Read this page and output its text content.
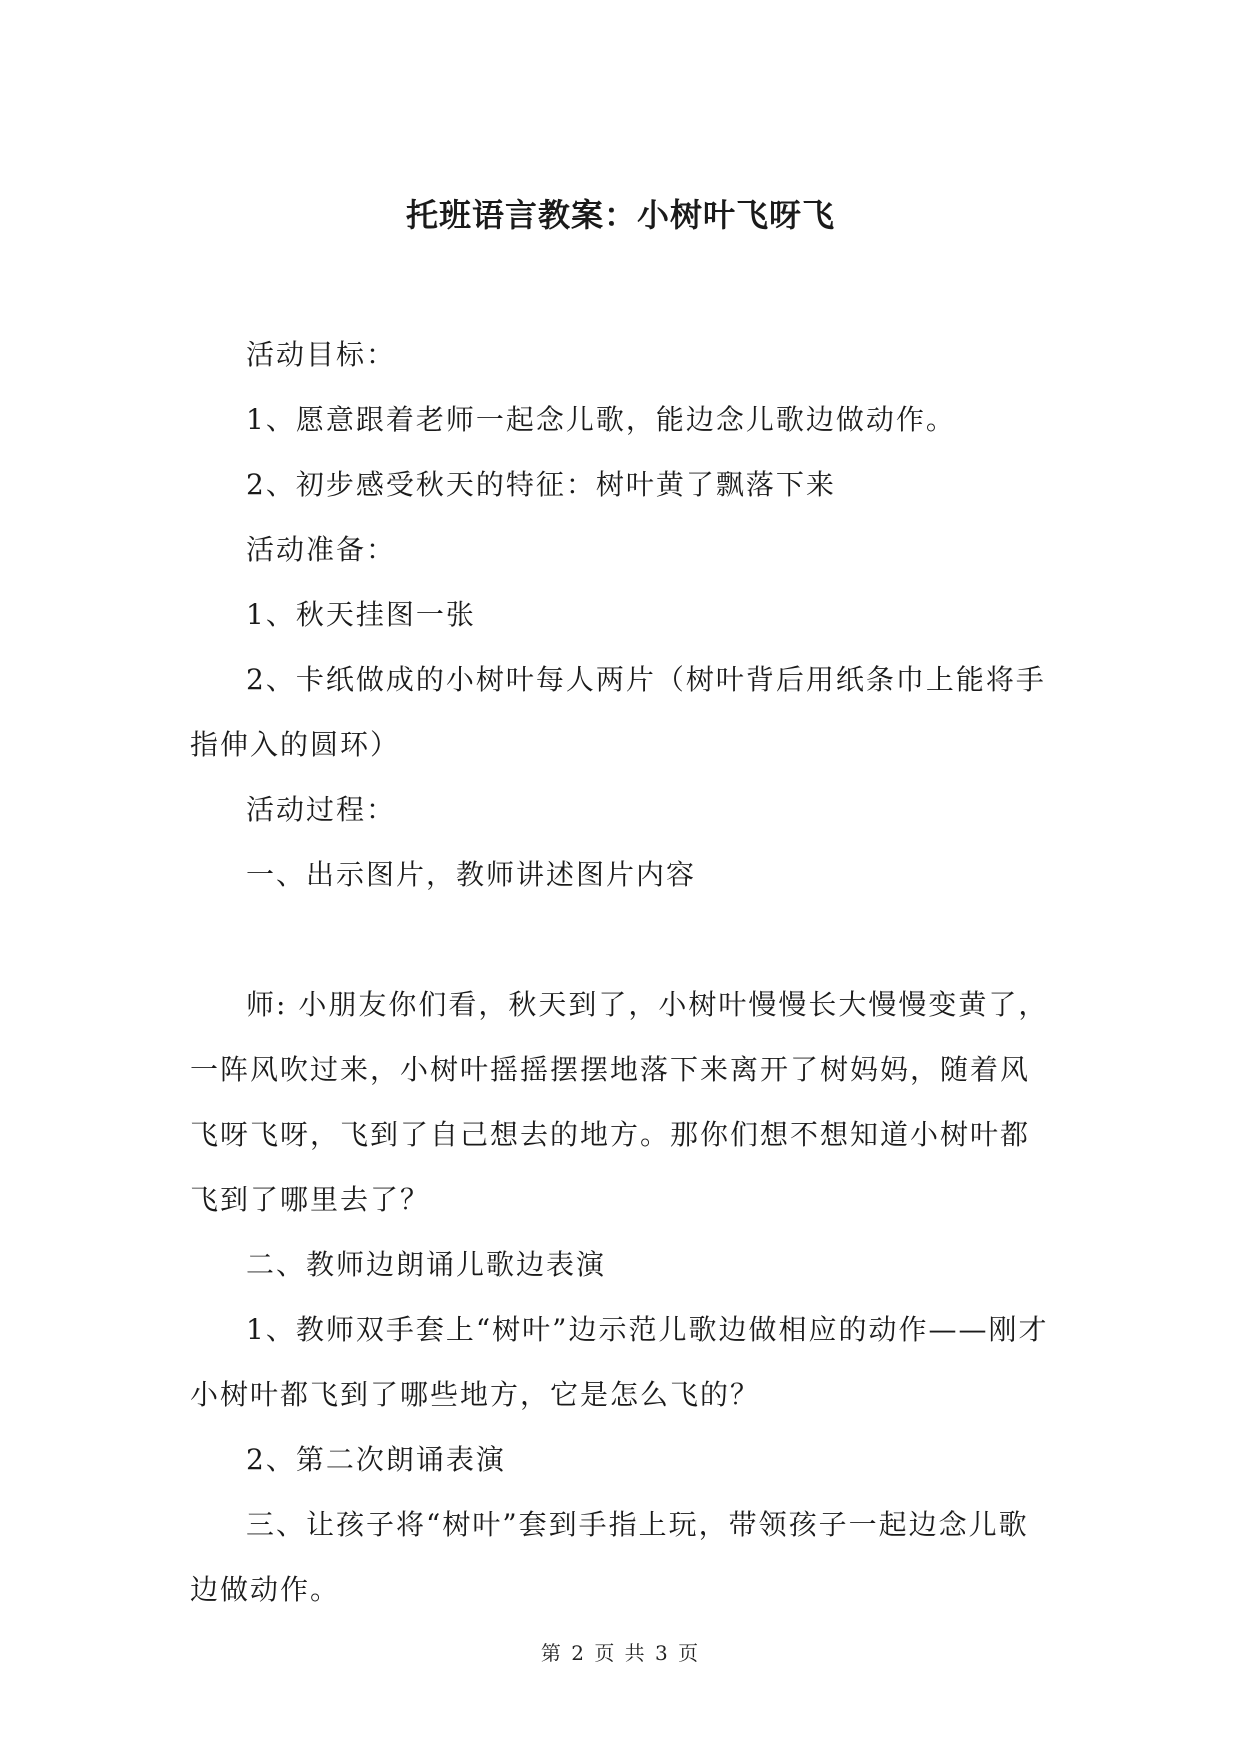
托班语言教案：小树叶飞呀飞

活动目标：

1、愿意跟着老师一起念儿歌，能边念儿歌边做动作。

2、初步感受秋天的特征：树叶黄了飘落下来

活动准备：

1、秋天挂图一张

2、卡纸做成的小树叶每人两片（树叶背后用纸条巾上能将手指伸入的圆环）

活动过程：

一、出示图片，教师讲述图片内容

师: 小朋友你们看，秋天到了，小树叶慢慢长大慢慢变黄了，一阵风吹过来，小树叶摇摇摆摆地落下来离开了树妈妈，随着风飞呀飞呀，飞到了自己想去的地方。那你们想不想知道小树叶都飞到了哪里去了？

二、教师边朗诵儿歌边表演

1、教师双手套上“树叶”边示范儿歌边做相应的动作——刚才小树叶都飞到了哪些地方，它是怎么飞的？

2、第二次朗诵表演

三、让孩子将“树叶”套到手指上玩，带领孩子一起边念儿歌边做动作。

第 2 页 共 3 页
